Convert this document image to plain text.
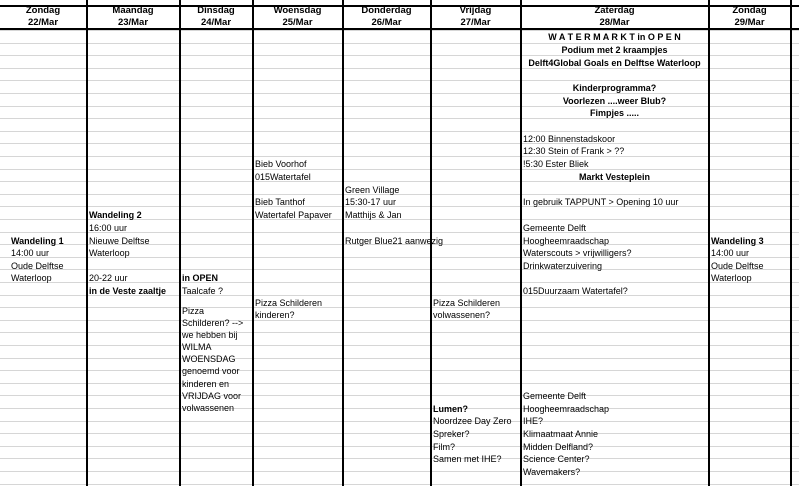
Zondag
22/Mar
Maandag
23/Mar
Dinsdag
24/Mar
Woensdag
25/Mar
Donderdag
26/Mar
Vrijdag
27/Mar
Zaterdag
28/Mar
Zondag
29/Mar
Wandeling 1
14:00 uur
Oude Delftse
Waterloop
Wandeling 2
16:00 uur
Nieuwe Delftse
Waterloop
20-22 uur
in de Veste zaaltje
in OPEN
Taalcafe ?
Pizza Schilderen? --> we hebben bij WILMA WOENSDAG genoemd voor kinderen en VRIJDAG voor volwassenen
Bieb Voorhof
015Watertafel
Bieb Tanthof
Watertafel Papaver
Pizza Schilderen kinderen?
Green Village
15:30-17 uur
Matthijs & Jan
Rutger Blue21 aanwezig
Pizza Schilderen volwassenen?
Lumen?
Noordzee Day Zero
Spreker?
Film?
Samen met IHE?
W A T E R M A R K T in O P E N
Podium met 2 kraampjes
Delft4Global Goals en Delftse Waterloop
Kinderprogramma?
Voorlezen ....weer Blub?
Fimpjes .....
12:00 Binnenstadskoor
12:30 Stein of Frank > ??
!5:30 Ester Bliek
Markt Vesteplein
In gebruik TAPPUNT > Opening 10 uur
Gemeente Delft
Hoogheemraadschap
Waterscouts > vrijwilligers?
Drinkwaterzuivering
015Duurzaam Watertafel?
Gemeente Delft
Hoogheemraadschap
IHE?
Klimaatmaat Annie
Midden Delfland?
Science Center?
Wavemakers?
Wandeling 3
14:00 uur
Oude Delftse
Waterloop
